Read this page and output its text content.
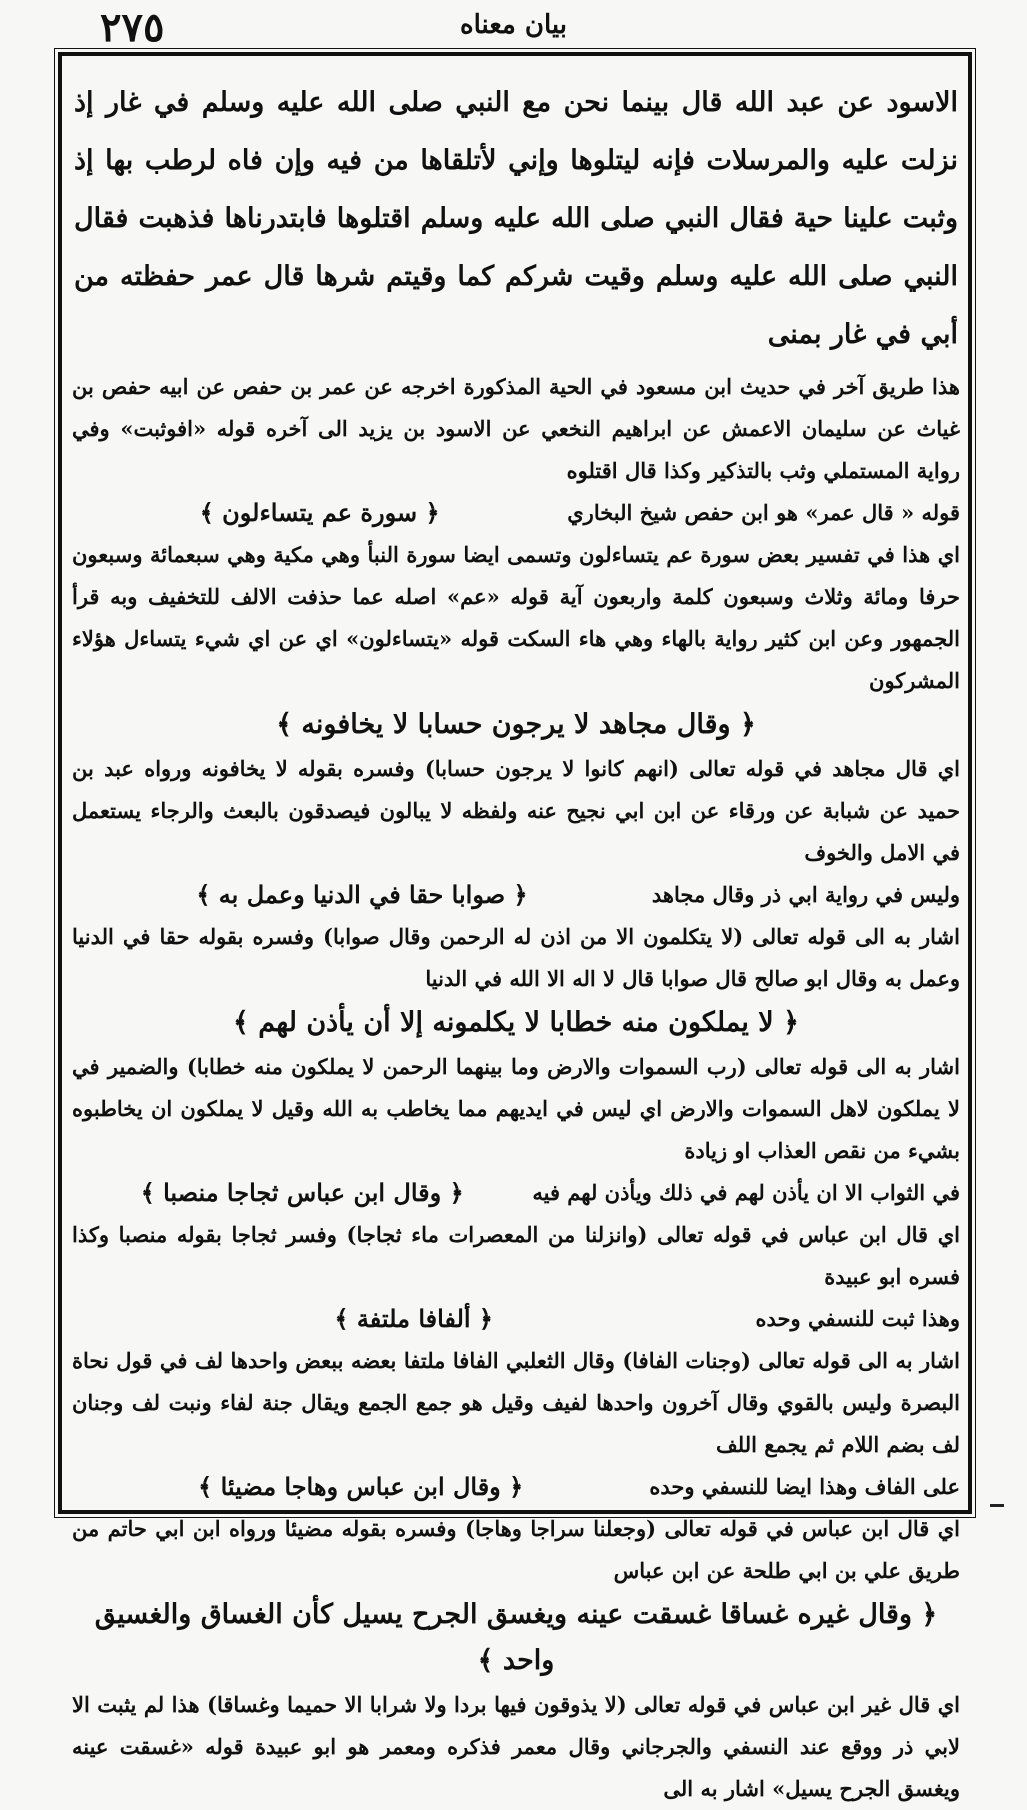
٢٧٥	بيان معناه
الاسود عن عبد الله قال بينما نحن مع النبي صلى الله عليه وسلم في غار إذ نزلت عليه والمرسلات فإنه ليتلوها وإني لأتلقاها من فيه وإن فاه لرطب بها إذ وثبت علينا حية فقال النبي صلى الله عليه وسلم اقتلوها فابتدرناها فذهبت فقال النبي صلى الله عليه وسلم وقيت شركم كما وقيتم شرها قال عمر حفظته من أبي في غار بمنى
هذا طريق آخر في حديث ابن مسعود في الحية المذكورة اخرجه عن عمر بن حفص عن ابيه حفص بن غياث عن سليمان الاعمش عن ابراهيم النخعي عن الاسود بن يزيد الى آخره قوله «افوثبت» وفي رواية المستملي وثب بالتذكير وكذا قال اقتلوه
قوله « قال عمر» هو ابن حفص شيخ البخاري
﴿ سورة عم يتساءلون ﴾
اي هذا في تفسير بعض سورة عم يتساءلون وتسمى ايضا سورة النبأ وهي مكية وهي سبعمائة وسبعون حرفا ومائة وثلاث وسبعون كلمة واربعون آية قوله «عم» اصله عما حذفت الالف للتخفيف وبه قرأ الجمهور وعن ابن كثير رواية بالهاء وهي هاء السكت قوله «يتساءلون» اي عن اي شيء يتساءل هؤلاء المشركون
﴿ وقال مجاهد لا يرجون حسابا لا يخافونه ﴾
اي قال مجاهد في قوله تعالى (انهم كانوا لا يرجون حسابا) وفسره بقوله لا يخافونه ورواه عبد بن حميد عن شبابة عن ورقاء عن ابن ابي نجيح عنه ولفظه لا يبالون فيصدقون بالبعث والرجاء يستعمل في الامل والخوف
وليس في رواية ابي ذر وقال مجاهد
﴿ صوابا حقا في الدنيا وعمل به ﴾
اشار به الى قوله تعالى (لا يتكلمون الا من اذن له الرحمن وقال صوابا) وفسره بقوله حقا في الدنيا وعمل به وقال ابو صالح قال صوابا قال لا اله الا الله في الدنيا
﴿ لا يملكون منه خطابا لا يكلمونه إلا أن يأذن لهم ﴾
اشار به الى قوله تعالى (رب السموات والارض وما بينهما الرحمن لا يملكون منه خطابا) والضمير في لا يملكون لاهل السموات والارض اي ليس في ايديهم مما يخاطب به الله وقيل لا يملكون ان يخاطبوه بشيء من نقص العذاب او زيادة
في الثواب الا ان يأذن لهم في ذلك ويأذن لهم فيه
﴿ وقال ابن عباس ثجاجا منصبا ﴾
اي قال ابن عباس في قوله تعالى (وانزلنا من المعصرات ماء ثجاجا) وفسر ثجاجا بقوله منصبا وكذا فسره ابو عبيدة
وهذا ثبت للنسفي وحده
﴿ ألفافا ملتفة ﴾
اشار به الى قوله تعالى (وجنات الفافا) وقال الثعلبي الفافا ملتفا بعضه ببعض واحدها لف في قول نحاة البصرة وليس بالقوي وقال آخرون واحدها لفيف وقيل هو جمع الجمع ويقال جنة لفاء ونبت لف وجنان لف بضم اللام ثم يجمع اللف
على الفاف وهذا ايضا للنسفي وحده
﴿ وقال ابن عباس وهاجا مضيئا ﴾
اي قال ابن عباس في قوله تعالى (وجعلنا سراجا وهاجا) وفسره بقوله مضيئا ورواه ابن ابي حاتم من طريق علي بن ابي طلحة عن ابن عباس
﴿ وقال غيره غساقا غسقت عينه ويغسق الجرح يسيل كأن الغساق والغسيق واحد ﴾
اي قال غير ابن عباس في قوله تعالى (لا يذوقون فيها بردا ولا شرابا الا حميما وغساقا) هذا لم يثبت الا لابي ذر ووقع عند النسفي والجرجاني وقال معمر فذكره ومعمر هو ابو عبيدة قوله «غسقت عينه ويغسق الجرح يسيل» اشار به الى
